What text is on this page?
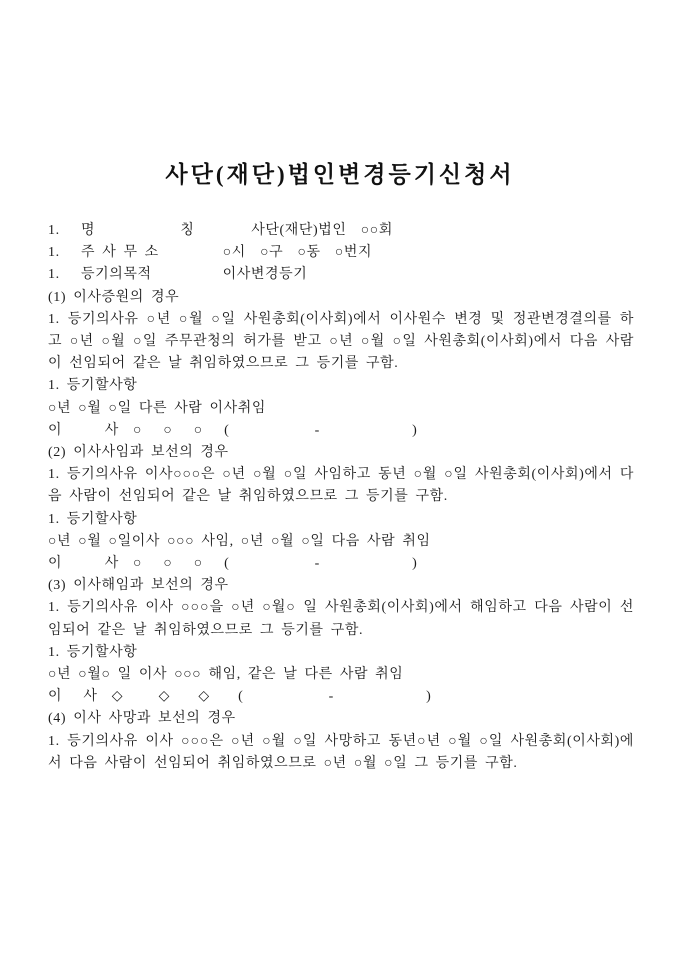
사단(재단)법인변경등기신청서
1.   명            칭        사단(재단)법인  ○○회
1.   주 사 무 소         ○시  ○구  ○동  ○번지
1.   등기의목적          이사변경등기
(1) 이사증원의 경우
1. 등기의사유 ○년 ○월 ○일 사원총회(이사회)에서 이사원수 변경 및 정관변경결의를 하고 ○년 ○월 ○일 주무관청의 허가를 받고 ○년 ○월 ○일 사원총회(이사회)에서 다음 사람이 선임되어 같은 날 취임하였으므로 그 등기를 구함.
1. 등기할사항
○년 ○월 ○일 다른 사람 이사취임
이      사  ○   ○   ○   (            -             )
(2) 이사사임과 보선의 경우
1. 등기의사유 이사○○○은 ○년 ○월 ○일 사임하고 동년 ○월 ○일 사원총회(이사회)에서 다음 사람이 선임되어 같은 날 취임하였으므로 그 등기를 구함.
1. 등기할사항
○년 ○월 ○일이사 ○○○ 사임, ○년 ○월 ○일 다음 사람 취임
이      사  ○   ○   ○   (            -             )
(3) 이사해임과 보선의 경우
1. 등기의사유 이사 ○○○을 ○년 ○월○ 일 사원총회(이사회)에서 해임하고 다음 사람이 선임되어 같은 날 취임하였으므로 그 등기를 구함.
1. 등기할사항
○년 ○월○ 일 이사 ○○○ 해임, 같은 날 다른 사람 취임
이   사  ◇     ◇    ◇    (            -             )
(4) 이사 사망과 보선의 경우
1. 등기의사유 이사 ○○○은 ○년 ○월 ○일 사망하고 동년○년 ○월 ○일 사원총회(이사회)에서 다음 사람이 선임되어 취임하였으므로 ○년 ○월 ○일 그 등기를 구함.
